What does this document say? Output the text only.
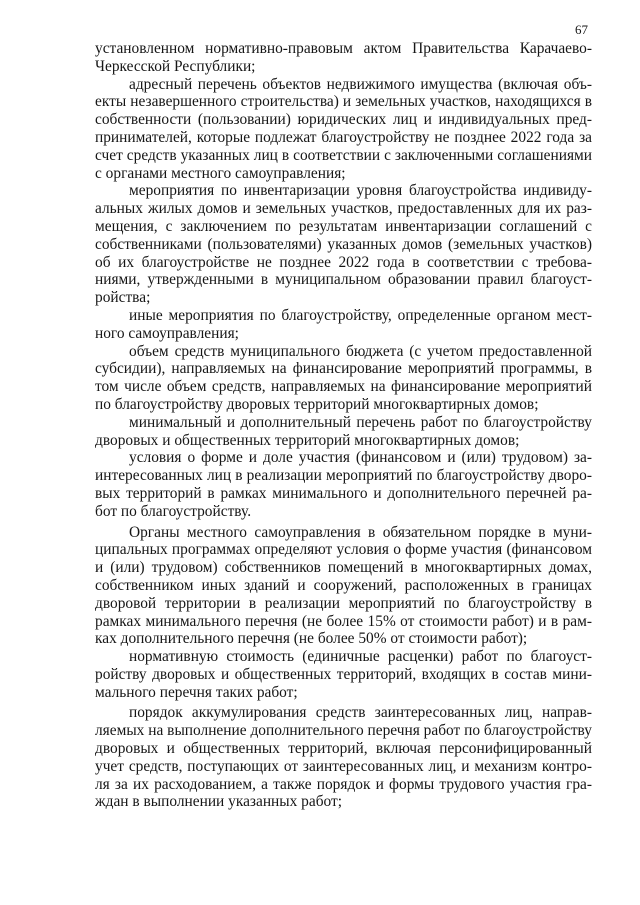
67

установленном нормативно-правовым актом Правительства Карачаево-Черкесской Республики;

адресный перечень объектов недвижимого имущества (включая объекты незавершенного строительства) и земельных участков, находящихся в собственности (пользовании) юридических лиц и индивидуальных предпринимателей, которые подлежат благоустройству не позднее 2022 года за счет средств указанных лиц в соответствии с заключенными соглашениями с органами местного самоуправления;

мероприятия по инвентаризации уровня благоустройства индивидуальных жилых домов и земельных участков, предоставленных для их размещения, с заключением по результатам инвентаризации соглашений с собственниками (пользователями) указанных домов (земельных участков) об их благоустройстве не позднее 2022 года в соответствии с требованиями, утвержденными в муниципальном образовании правил благоустройства;

иные мероприятия по благоустройству, определенные органом местного самоуправления;

объем средств муниципального бюджета (с учетом предоставленной субсидии), направляемых на финансирование мероприятий программы, в том числе объем средств, направляемых на финансирование мероприятий по благоустройству дворовых территорий многоквартирных домов;

минимальный и дополнительный перечень работ по благоустройству дворовых и общественных территорий многоквартирных домов;

условия о форме и доле участия (финансовом и (или) трудовом) заинтересованных лиц в реализации мероприятий по благоустройству дворовых территорий в рамках минимального и дополнительного перечней работ по благоустройству.

Органы местного самоуправления в обязательном порядке в муниципальных программах определяют условия о форме участия (финансовом и (или) трудовом) собственников помещений в многоквартирных домах, собственником иных зданий и сооружений, расположенных в границах дворовой территории в реализации мероприятий по благоустройству в рамках минимального перечня (не более 15% от стоимости работ) и в рамках дополнительного перечня (не более 50% от стоимости работ);

нормативную стоимость (единичные расценки) работ по благоустройству дворовых и общественных территорий, входящих в состав минимального перечня таких работ;

порядок аккумулирования средств заинтересованных лиц, направляемых на выполнение дополнительного перечня работ по благоустройству дворовых и общественных территорий, включая персонифицированный учет средств, поступающих от заинтересованных лиц, и механизм контроля за их расходованием, а также порядок и формы трудового участия граждан в выполнении указанных работ;
